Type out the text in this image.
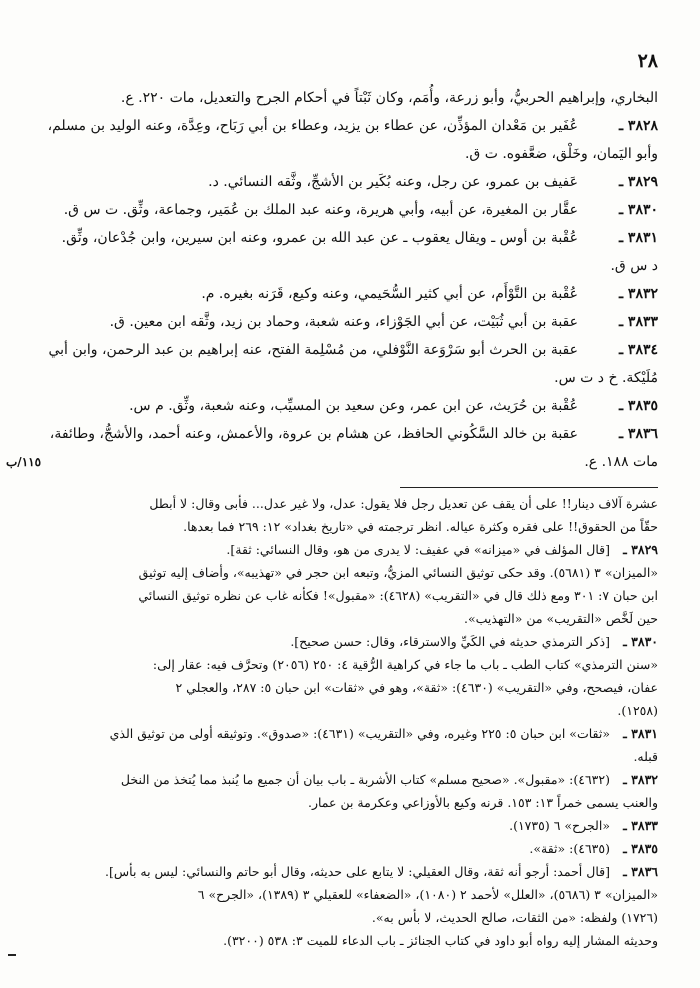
٢٨
البخاري، وإبراهيم الحربيُّ، وأبو زرعة، وأُمَم، وكان ثَبْتاً في أحكام الجرح والتعديل، مات ٢٢٠. ع.
٣٨٢٨ ـعُفَير بن مَعْدان المؤذِّن، عن عطاء بن يزيد، وعطاء بن أبي رَبَاح، وعِدَّة، وعنه الوليد بن مسلم،
وأبو اليَمان، وخَلْق، ضعَّفوه. ت ق.
٣٨٢٩ ـعَفيف بن عمرو، عن رجل، وعنه بُكَير بن الأشجِّ، وثَّقه النسائي. د.
٣٨٣٠ ـعقَّار بن المغيرة، عن أبيه، وأبي هريرة، وعنه عبد الملك بن عُمَير، وجماعة، وثِّق. ت س ق.
٣٨٣١ ـعُقْبة بن أوس ـ ويقال يعقوب ـ عن عبد الله بن عمرو، وعنه ابن سيرين، وابن جُدْعان، وثِّق.
د س ق.
٣٨٣٢ ـعُقْبة بن التَّوْأَم، عن أبي كثير السُّحَيمي، وعنه وكيع، قَرَنه بغيره. م.
٣٨٣٣ ـعقبة بن أبي ثُبَيْت، عن أبي الجَوْزاء، وعنه شعبة، وحماد بن زيد، وثَّقه ابن معين. ق.
٣٨٣٤ ـعقبة بن الحرث أبو سَرْوَعة النَّوْفلي، من مُسْلِمة الفتح، عنه إبراهيم بن عبد الرحمن، وابن أبي
مُلَيْكة. خ د ت س.
٣٨٣٥ ـعُقْبة بن حُرَيث، عن ابن عمر، وعن سعيد بن المسيِّب، وعنه شعبة، وثِّق. م س.
٣٨٣٦ ـعقبة بن خالد السَّكُوني الحافظ، عن هشام بن عروة، والأعمش، وعنه أحمد، والأشجُّ، وطائفة،
مات ١٨٨. ع.
١١٥/ب
عشرة آلاف دينار!! على أن يقف عن تعديل رجل فلا يقول: عدل، ولا غير عدل... فأبى وقال: لا أبطل
حقّاً من الحقوق!! على فقره وكثرة عياله. انظر ترجمته في «تاريخ بغداد» ١٢: ٢٦٩ فما بعدها.
٣٨٢٩ ـ[قال المؤلف في «ميزانه» في عفيف: لا يدرى من هو، وقال النسائي: ثقة].
«الميزان» ٣ (٥٦٨١). وقد حكى توثيق النسائي المزيُّ، وتبعه ابن حجر في «تهذيبه»، وأضاف إليه توثيق
ابن حبان ٧: ٣٠١ ومع ذلك قال في «التقريب» (٤٦٢٨): «مقبول»! فكأنه غاب عن نظره توثيق النسائي
حين لَخَّص «التقريب» من «التهذيب».
٣٨٣٠ ـ[ذكر الترمذي حديثه في الكَيِّ والاسترقاء، وقال: حسن صحيح].
«سنن الترمذي» كتاب الطب ـ باب ما جاء في كراهية الرُّقية ٤: ٢٥٠ (٢٠٥٦) وتحرَّف فيه: عقار إلى:
عفان، فيصحح، وفي «التقريب» (٤٦٣٠): «ثقة»، وهو في «ثقات» ابن حبان ٥: ٢٨٧، والعجلي ٢
(١٢٥٨).
٣٨٣١ ـ«ثقات» ابن حبان ٥: ٢٢٥ وغيره، وفي «التقريب» (٤٦٣١): «صدوق». وتوثيقه أولى من توثيق الذي
قبله.
٣٨٣٢ ـ(٤٦٣٢): «مقبول». «صحيح مسلم» كتاب الأشربة ـ باب بيان أن جميع ما يُنبذ مما يُتخذ من النخل
والعنب يسمى خمراً ١٣: ١٥٣. قرنه وكيع بالأوزاعي وعكرمة بن عمار.
٣٨٣٣ ـ«الجرح» ٦ (١٧٣٥).
٣٨٣٥ ـ(٤٦٣٥): «ثقة».
٣٨٣٦ ـ[قال أحمد: أرجو أنه ثقة، وقال العقيلي: لا يتابع على حديثه، وقال أبو حاتم والنسائي: ليس به بأس].
«الميزان» ٣ (٥٦٨٦)، «العلل» لأحمد ٢ (١٠٨٠)، «الضعفاء» للعقيلي ٣ (١٣٨٩)، «الجرح» ٦
(١٧٢٦) ولفظه: «من الثقات، صالح الحديث، لا بأس به».
وحديثه المشار إليه رواه أبو داود في كتاب الجنائز ـ باب الدعاء للميت ٣: ٥٣٨ (٣٢٠٠).
